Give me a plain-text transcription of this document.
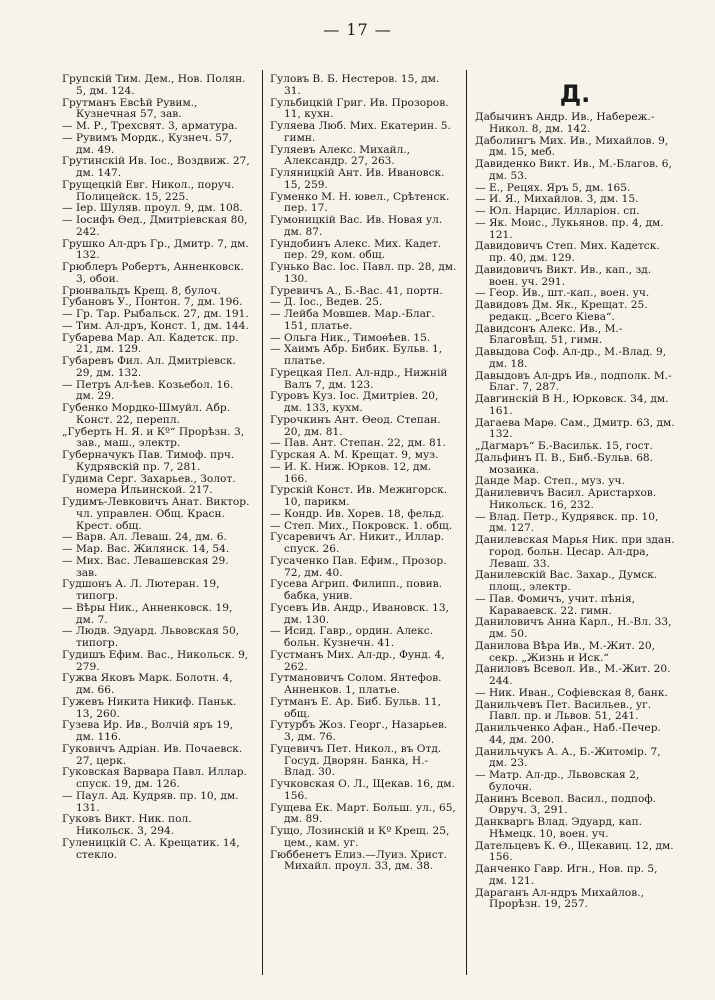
— 17 —

Групскій Тим. Дем., Нов. Полян. 5, дм. 124.

Грутманъ Евсѣй Рувим., Кузнечная 57, зав.

— М. Р., Трехсвят. 3, арматура.

— Рувимъ Мордк., Кузнеч. 57, дм. 49.

Грутинскій Ив. Іос., Воздвиж. 27, дм. 147.

Грущецкій Евг. Никол., поруч. Полицейск. 15, 225.

— Іер. Шуляв. проул. 9, дм. 108.

— Іосифъ Ѳед., Дмитріевская 80, 242.

Грушко Ал-дръ Гр., Дмитр. 7, дм. 132.

Грюблеръ Робертъ, Анненковск. 3, обои.

Грюнвальдъ Крещ. 8, булоч.

Губановъ У., Понтон. 7, дм. 196.

— Гр. Тар. Рыбальск. 27, дм. 191.

— Тим. Ал-дръ, Конст. 1, дм. 144.

Губарева Мар. Ал. Кадетск. пр. 21, дм. 129.

Губаревъ Фил. Ал. Дмитріевск. 29, дм. 132.

— Петръ Ал-ѣев. Козьебол. 16. дм. 29.

Губенко Мордко-Шмуйл. Абр. Конст. 22, перепл.

„Губерть Н. Я. и Кº“ Прорѣзн. 3, зав., маш., электр.

Губерначукъ Пав. Тимоф. прч. Кудрявскій пр. 7, 281.

Гудима Серг. Захарьев., Золот. номера Ильинской. 217.

Гудимъ-Левковичъ Анат. Виктор. чл. управлен. Общ. Красн. Крест. общ.

— Варв. Ал. Леваш. 24, дм. 6.

— Мар. Вас. Жилянск. 14, 54.

— Мих. Вас. Левашевская 29. зав.

Гудшонъ А. Л. Лютеран. 19, типогр.

— Вѣры Ник., Анненковск. 19, дм. 7.

— Людв. Эдуард. Львовская 50, типогр.

Гудишъ Ефим. Вас., Никольск. 9, 279.

Гужва Яковъ Марк. Болотн. 4, дм. 66.

Гужевъ Никита Никиф. Паньк. 13, 260.

Гузева Ир. Ив., Волчій яръ 19, дм. 116.

Гуковичъ Адріан. Ив. Почаевск. 27, церк.

Гуковская Варвара Павл. Иллар. спуск. 19, дм. 126.

— Паул. Ад. Кудряв. пр. 10, дм. 131.

Гуковъ Викт. Ник. пол. Никольск. 3, 294.

Гуленицкій С. А. Крещатик. 14, стекло.

Гуловъ В. Б. Нестеров. 15, дм. 31.

Гульбицкій Григ. Ив. Прозоров. 11, кухн.

Гуляева Люб. Мих. Екатерин. 5. гимн.

Гуляевъ Алекс. Михайл., Александр. 27, 263.

Гуляницкій Ант. Ив. Ивановск. 15, 259.

Гуменко М. Н. ювел., Срѣтенск. пер. 17.

Гумоницкій Вас. Ив. Новая ул. дм. 87.

Гундобинъ Алекс. Мих. Кадет. пер. 29, ком. общ.

Гунько Вас. Іос. Павл. пр. 28, дм. 130.

Гуревичъ А., Б.-Вас. 41, портн.

— Д. Іос., Ведев. 25.

— Лейба Мовшев. Мар.-Благ. 151, платье.

— Ольга Ник., Тимоѳѣев. 15.

— Хаимъ Абр. Бибик. Бульв. 1, платье.

Гурецкая Пел. Ал-ндр., Нижній Валъ 7, дм. 123.

Гуровъ Куз. Іос. Дмитріев. 20, дм. 133, кухм.

Гурочкинъ Ант. Ѳеод. Степан. 20, дм. 81.

— Пав. Ант. Степан. 22, дм. 81.

Гурская А. М. Крещат. 9, муз.

— И. К. Ниж. Юрков. 12, дм. 166.

Гурскій Конст. Ив. Межигорск. 10, парикм.

— Кондр. Ив. Хорев. 18, фельд.

— Степ. Мих., Покровск. 1. общ.

Гусаревичъ Аг. Никит., Иллар. спуск. 26.

Гусаченко Пав. Ефим., Прозор. 72, дм. 40.

Гусева Агрип. Филипп., повив. бабка, унив.

Гусевъ Ив. Андр., Ивановск. 13, дм. 130.

— Исид. Гавр., ордин. Алекс. больн. Кузнечн. 41.

Густманъ Мих. Ал-др., Фунд. 4, 262.

Гутмановичъ Солом. Янтефов. Анненков. 1, платье.

Гутманъ Е. Ар. Биб. Бульв. 11, общ.

Гутурбъ Жоз. Георг., Назарьев. 3, дм. 76.

Гуцевичъ Пет. Никол., въ Отд. Госуд. Дворян. Банка, Н.-Влад. 30.

Гучковская О. Л., Щекав. 16, дм. 156.

Гущева Ек. Март. Больш. ул., 65, дм. 89.

Гущо, Лозинскій и Кº Крещ. 25, цем., кам. уг.

Гюббенетъ Елиз.—Луиз. Христ. Михайл. проул. 33, дм. 38.

Д.

Дабычинъ Андр. Ив., Набереж.-Никол. 8, дм. 142.

Даболингъ Мих. Ив., Михайлов. 9, дм. 15, меб.

Давиденко Викт. Ив., М.-Благов. 6, дм. 53.

— Е., Рецях. Яръ 5, дм. 165.

— И. Я., Михайлов. 3, дм. 15.

— Юл. Нарцис. Илларіон. сп.

— Як. Моис., Лукьянов. пр. 4, дм. 121.

Давидовичъ Степ. Мих. Кадетск. пр. 40, дм. 129.

Давидовичъ Викт. Ив., кап., зд. воен. уч. 291.

— Геор. Ив., шт.-кап., воен. уч.

Давидовъ Дм. Як., Крещат. 25. редакц. „Всего Кіева“.

Давидсонъ Алекс. Ив., М.-Благовѣщ. 51, гимн.

Давыдова Соф. Ал-др., М.-Влад. 9, дм. 18.

Давыдовъ Ал-дръ Ив., подполк. М.-Благ. 7, 287.

Давгинскій В Н., Юрковск. 34, дм. 161.

Дагаева Марѳ. Сам., Дмитр. 63, дм. 132.

„Дагмаръ“ Б.-Васильк. 15, гост.

Дальфинъ П. В., Биб.-Бульв. 68. мозаика.

Данде Мар. Степ., муз. уч.

Данилевичъ Васил. Аристархов. Никольск. 16, 232.

— Влад. Петр., Кудрявск. пр. 10, дм. 127.

Данилевская Марья Ник. при здан. город. больн. Цесар. Ал-дра, Леваш. 33.

Данилевскій Вас. Захар., Думск. площ., электр.

— Пав. Фомичъ, учит. пѣнія, Караваевск. 22. гимн.

Даниловичъ Анна Карл., Н.-Вл. 33, дм. 50.

Данилова Вѣра Ив., М.-Жит. 20, секр. „Жизнь и Иск.“

Даниловъ Всевол. Ив., М.-Жит. 20. 244.

— Ник. Иван., Софіевская 8, банк.

Данильчевъ Пет. Васильев., уг. Павл. пр. и Львов. 51, 241.

Данильченко Афан., Наб.-Печер. 44, дм. 200.

Данильчукъ А. А., Б.-Житомір. 7, дм. 23.

— Матр. Ал-др., Львовская 2, булочн.

Данинъ Всевол. Васил., подпоф. Овруч. 3, 291.

Данкваргь Влад. Эдуард, кап. Нѣмецк. 10, воен. уч.

Дательцевъ К. Ѳ., Щекавиц. 12, дм. 156.

Данченко Гавр. Игн., Нов. пр. 5, дм. 121.

Дараганъ Ал-ндръ Михайлов., Прорѣзн. 19, 257.
